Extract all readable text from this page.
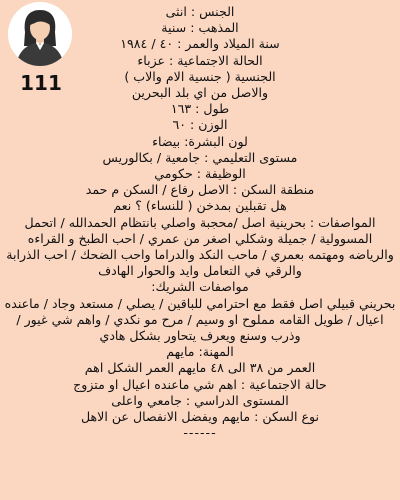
111
الجنس : انثى
المذهب : سنية
سنة الميلاد والعمر : ٤٠ / ١٩٨٤
الحالة الاجتماعية : عزباء
الجنسية ( جنسية الام والاب )
والاصل من اي بلد البحرين
طول : ١٦٣
الوزن : ٦٠
لون البشرة: بيضاء
مستوى التعليمي : جامعية / بكالوريس
الوظيفة : حكومي
منطقة السكن : الاصل رفاع / السكن م حمد
هل تقبلين بمدخن ( للنساء) ؟ نعم
المواصفات : بحرينية اصل /محجبة واصلي بانتظام الحمدالله / اتحمل المسوولية / جميلة وشكلي اصغر من عمري / احب الطبخ و القراءه والرياضه ومهتمه بعمري / ماحب النكد والدراما واحب الضحك / احب الذرابة والرقي في التعامل وايد والحوار الهادف
مواصفات الشريك:
بحريني قبيلي اصل فقط مع احترامي للباقين / يصلي / مستعد وجاد / ماعنده اعيال / طويل القامه مملوح او وسيم / مرح مو نكدي / واهم شي غيور / وذرب وسنع ويعرف يتحاور بشكل هادي
المهنة: مايهم
العمر من ٣٨ الى ٤٨ مايهم العمر الشكل اهم
حالة الاجتماعية : اهم شي ماعنده اعيال او متزوج
المستوى الدراسي : جامعي واعلى
نوع السكن : مايهم ويفضل الانفصال عن الاهل
------
